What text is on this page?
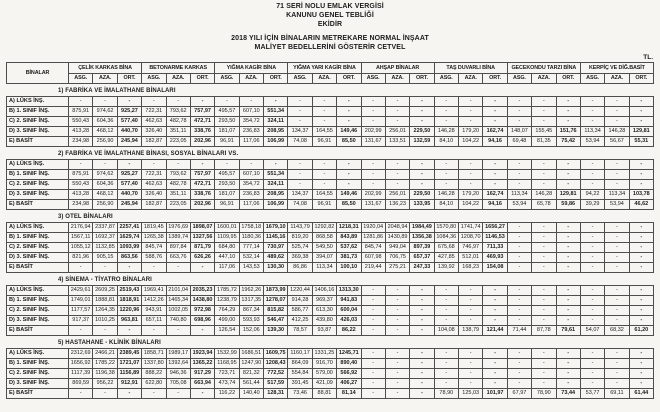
71 SERİ NOLU EMLAK VERGİSİ
KANUNU GENEL TEBLİĞİ
EKİDİR
2018 YILI İÇİN BİNALARIN METREKARE NORMAL İNŞAAT
MALİYET BEDELLERİNİ GÖSTERİR CETVEL
TL.
BİNALAR	ÇELİK KARKAS BİNA			BETONARME KARKAS			YIĞMA KAGİR BİNA			YIĞMA YARI KAGİR BİNA			AHŞAP BİNALAR			TAŞ DUVARLI BİNA			GECEKONDU TARZI BİNA			KERPİÇ VE DİĞ.BASİT		
	ASG.	AZA.	ORT.	ASG.	AZA.	ORT.	ASG.	AZA.	ORT.	ASG.	AZA.	ORT.	ASG.	AZA.	ORT.	ASG.	AZA.	ORT.	ASG.	AZA.	ORT.	ASG.	AZA.	ORT.
1) FABRİKA VE İMALATHANE BİNALARI
A) LÜKS İNŞ.	-	-	-	-	-	-	-	-	-	-	-	-	-	-	-	-	-	-	-	-	-	-	-	-
B) 1. SINIF İNŞ.	875,91	974,62	925,27	722,31	793,62	757,97	495,57	607,10	551,34	-	-	-	-	-	-	-	-	-	-	-	-	-	-	-
C) 2. SINIF İNŞ.	550,43	604,36	577,40	462,63	482,78	472,71	293,50	354,72	324,11	-	-	-	-	-	-	-	-	-	-	-	-	-	-	-
D) 3. SINIF İNŞ.	413,28	468,12	440,70	326,40	351,11	338,76	181,07	236,83	208,95	134,37	164,55	149,46	202,99	256,01	229,50	146,28	179,20	162,74	148,07	155,45	151,76	113,34	146,28	129,81
E) BASİT	234,98	256,90	245,94	182,87	223,05	202,96	96,91	117,06	106,99	74,08	96,91	85,50	131,67	133,51	132,59	84,10	104,22	94,16	69,48	81,35	75,42	53,94	56,67	55,31
2) FABRİKA VE İMALATHANE BİNASI, SOSYAL BİNALARI VS.
A) LÜKS İNŞ.	-	-	-	-	-	-	-	-	-	-	-	-	-	-	-	-	-	-	-	-	-	-	-	-
B) 1. SINIF İNŞ.	875,91	974,62	925,27	722,31	793,62	757,97	495,57	607,10	551,34	-	-	-	-	-	-	-	-	-	-	-	-	-	-	-
C) 2. SINIF İNŞ.	550,43	604,36	577,40	462,63	482,78	472,71	293,50	354,72	324,11	-	-	-	-	-	-	-	-	-	-	-	-	-	-	-
D) 3. SINIF İNŞ.	413,28	468,12	440,70	326,40	351,11	338,76	181,07	236,83	208,95	134,37	164,55	149,46	202,99	256,01	229,50	146,28	179,20	162,74	113,34	146,28	129,81	94,22	113,34	103,78
E) BASİT	234,98	256,90	245,94	182,87	223,05	202,96	96,91	117,06	106,99	74,08	96,91	85,50	131,67	136,23	133,95	84,10	104,22	94,16	53,94	65,78	59,86	39,29	53,94	46,62
3) OTEL BİNALARI
A) LÜKS İNŞ.	2176,94	2337,87	2257,41	1819,45	1976,69	1898,07	1600,01	1758,18	1679,10	1143,79	1292,82	1218,31	1920,04	2048,94	1984,49	1570,80	1741,74	1656,27	-	-	-	-	-	-
B) 1. SINIF İNŞ.	1567,11	1692,37	1629,74	1265,38	1389,74	1327,56	1109,95	1180,36	1145,16	819,20	868,58	843,89	1281,86	1430,89	1356,38	1084,36	1208,70	1146,53	-	-	-	-	-	-
C) 2. SINIF İNŞ.	1055,12	1132,85	1093,99	845,74	897,84	871,79	684,80	777,14	730,97	525,74	549,50	537,62	845,74	949,04	897,39	675,68	746,97	711,33	-	-	-	-	-	-
D) 3. SINIF İNŞ.	821,96	905,15	863,56	588,76	663,76	626,26	447,10	532,14	489,62	369,38	394,07	381,73	607,98	706,75	657,37	427,85	512,01	469,93	-	-	-	-	-	-
E) BASİT	-	-	-	-	-	-	117,06	143,53	130,30	86,86	113,34	100,10	219,44	275,21	247,33	139,92	168,23	154,08	-	-	-	-	-	-
4) SİNEMA - TİYATRO BİNALARI
A) LÜKS İNŞ.	2429,61	2609,25	2519,43	1969,41	2101,04	2035,23	1785,72	1962,26	1873,99	1220,44	1406,16	1313,30	-	-	-	-	-	-	-	-	-	-	-	-
B) 1. SINIF İNŞ.	1749,01	1888,81	1818,91	1412,26	1465,34	1438,80	1238,79	1317,35	1278,07	914,28	969,37	941,83	-	-	-	-	-	-	-	-	-	-	-	-
C) 2. SINIF İNŞ.	1177,57	1264,35	1220,96	943,91	1002,05	972,98	764,29	867,34	815,82	586,77	613,30	600,04	-	-	-	-	-	-	-	-	-	-	-	-
D) 3. SINIF İNŞ.	917,37	1010,25	963,81	657,11	740,80	698,96	499,00	593,93	546,47	412,25	439,80	426,03	-	-	-	-	-	-	-	-	-	-	-	-
E) BASİT	-	-	-	-	-	-	126,54	152,06	139,30	78,57	93,87	86,22	-	-	-	104,08	138,79	121,44	71,44	87,78	79,61	54,07	68,32	61,20
5) HASTAHANE - KLİNİK BİNALARI
A) LÜKS İNŞ.	2312,69	2466,21	2389,45	1858,71	1989,17	1923,94	1532,99	1686,51	1609,75	1160,17	1331,25	1245,71	-	-	-	-	-	-	-	-	-	-	-	-
B) 1. SINIF İNŞ.	1656,92	1785,22	1721,07	1337,80	1392,64	1365,22	1168,95	1247,90	1208,43	864,09	916,70	890,40	-	-	-	-	-	-	-	-	-	-	-	-
C) 2. SINIF İNŞ.	1117,39	1196,38	1156,89	888,22	946,36	917,29	723,71	821,32	772,52	554,84	579,00	566,92	-	-	-	-	-	-	-	-	-	-	-	-
D) 3. SINIF İNŞ.	869,59	956,22	912,91	622,80	705,08	663,94	473,74	561,44	517,59	391,45	421,09	406,27	-	-	-	-	-	-	-	-	-	-	-	-
E) BASİT	-	-	-	-	-	-	116,22	140,40	128,31	73,46	88,81	81,14	-	-	-	78,90	125,03	101,97	67,97	78,90	73,44	53,77	69,11	61,44
